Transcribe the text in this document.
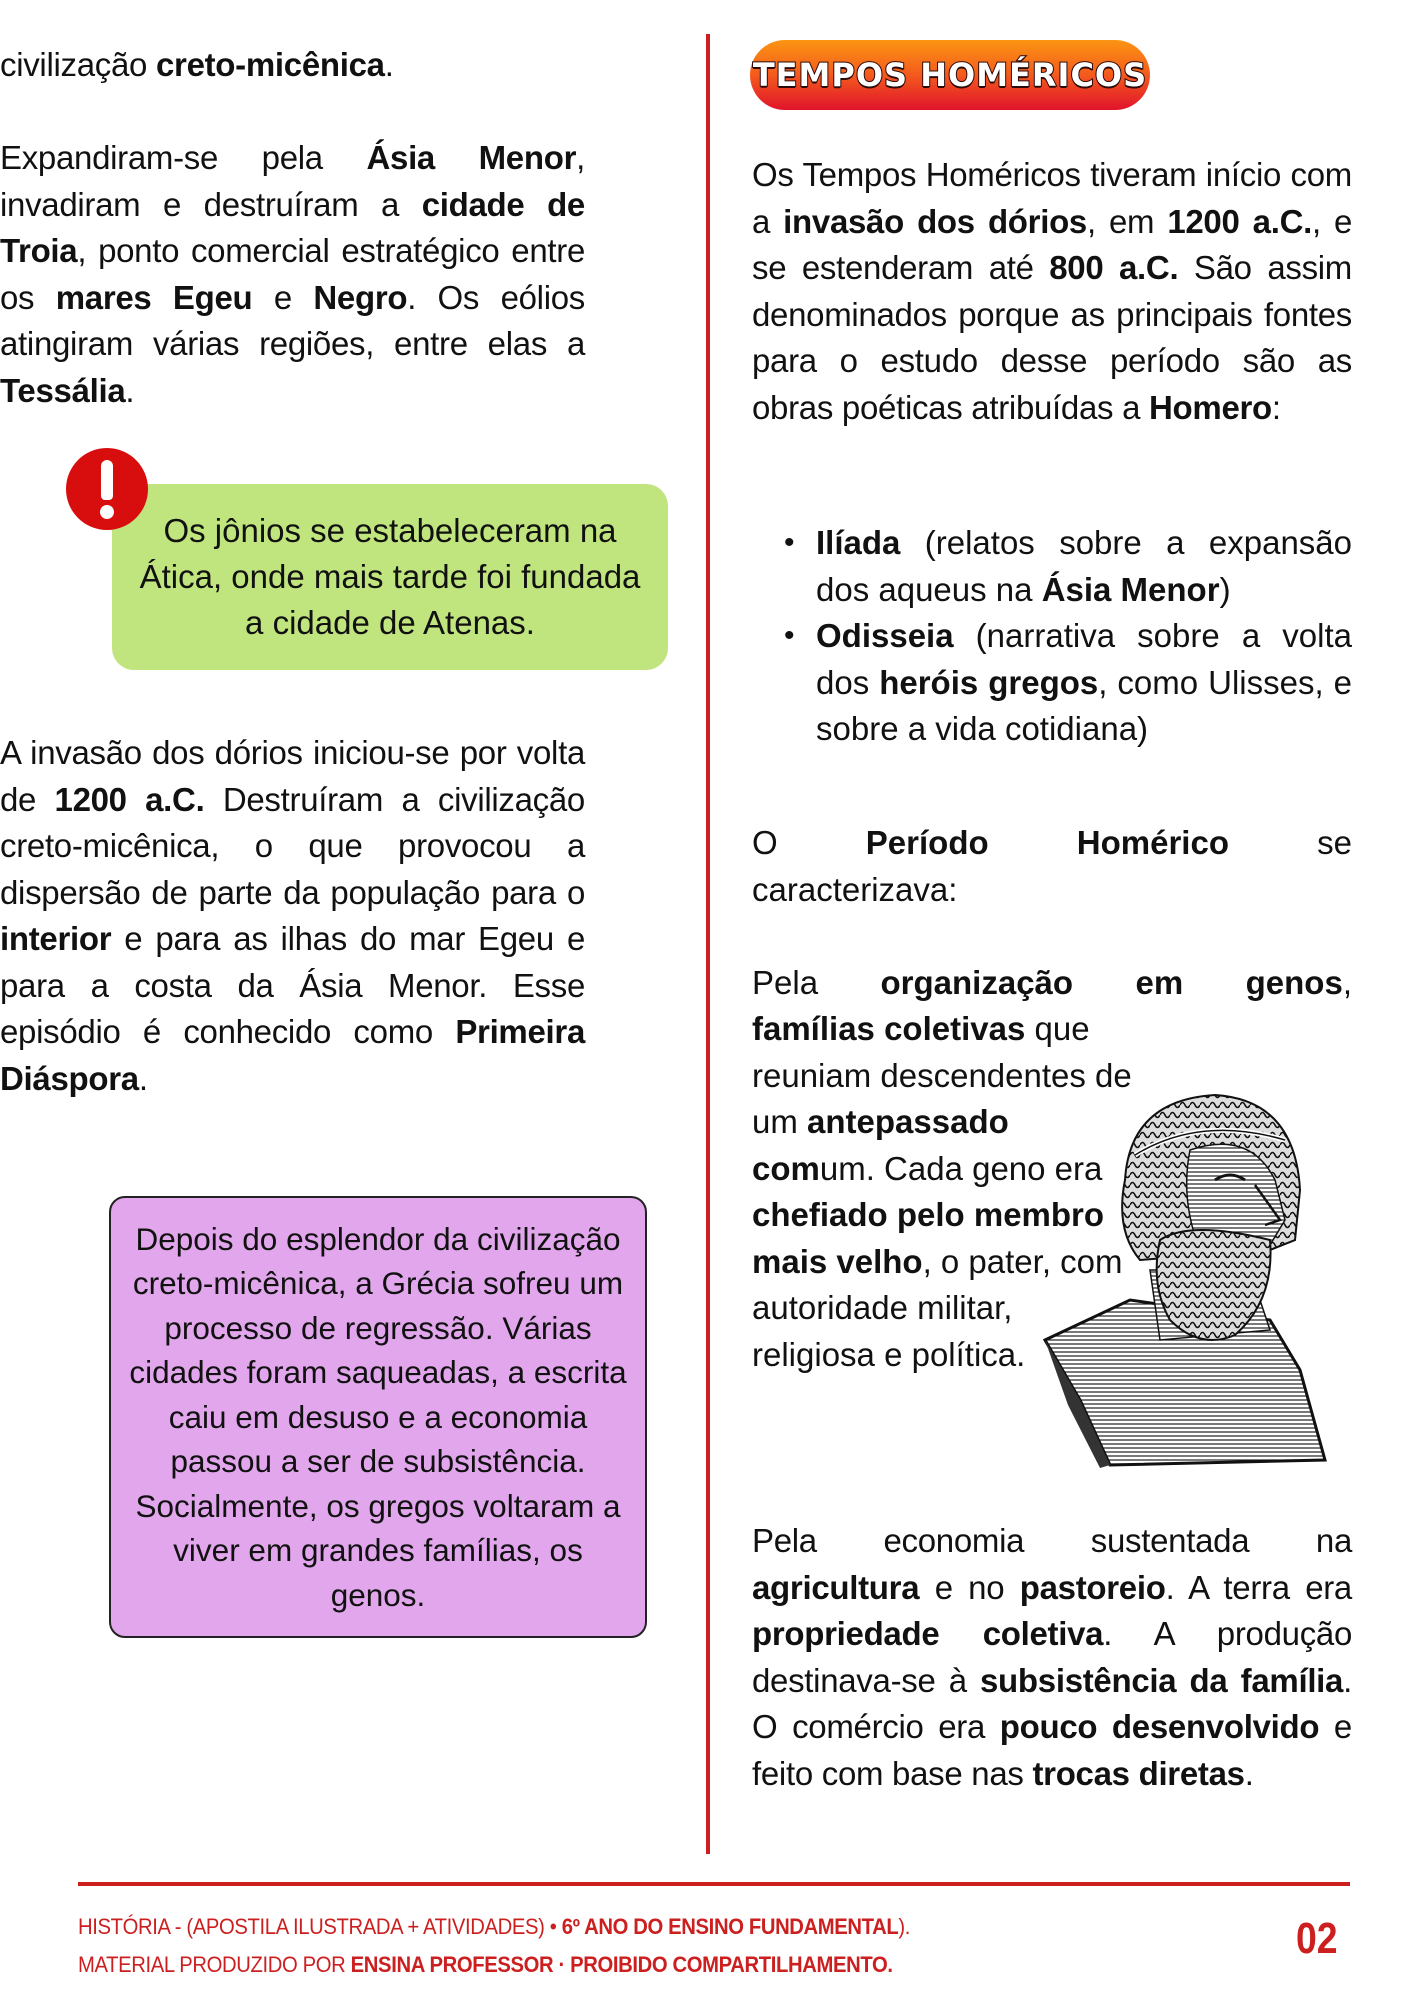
civilização creto-micênica.

Expandiram-se pela Ásia Menor, invadiram e destruíram a cidade de Troia, ponto comercial estratégico entre os mares Egeu e Negro. Os eólios atingiram várias regiões, entre elas a Tessália.

Os jônios se estabeleceram na Ática, onde mais tarde foi fundada a cidade de Atenas.

A invasão dos dórios iniciou-se por volta de 1200 a.C. Destruíram a civilização creto-micênica, o que provocou a dispersão de parte da população para o interior e para as ilhas do mar Egeu e para a costa da Ásia Menor. Esse episódio é conhecido como Primeira Diáspora.

Depois do esplendor da civilização creto-micênica, a Grécia sofreu um processo de regressão. Várias cidades foram saqueadas, a escrita caiu em desuso e a economia passou a ser de subsistência. Socialmente, os gregos voltaram a viver em grandes famílias, os genos.
TEMPOS HOMÉRICOS

Os Tempos Homéricos tiveram início com a invasão dos dórios, em 1200 a.C., e se estenderam até 800 a.C. São assim denominados porque as principais fontes para o estudo desse período são as obras poéticas atribuídas a Homero:

• Ilíada (relatos sobre a expansão dos aqueus na Ásia Menor)
• Odisseia (narrativa sobre a volta dos heróis gregos, como Ulisses, e sobre a vida cotidiana)
O	Período	Homérico	se
caracterizava:
Pela organização em genos,
famílias coletivas que reuniam descendentes de um antepassado comum. Cada geno era chefiado pelo membro mais velho, o pater, com autoridade militar, religiosa e política.

Pela economia sustentada na agricultura e no pastoreio. A terra era propriedade coletiva. A produção destinava-se à subsistência da família. O comércio era pouco desenvolvido e feito com base nas trocas diretas.

HISTÓRIA - (APOSTILA ILUSTRADA + ATIVIDADES) • 6º ANO DO ENSINO FUNDAMENTAL).
MATERIAL PRODUZIDO POR ENSINA PROFESSOR · PROIBIDO COMPARTILHAMENTO.
02
